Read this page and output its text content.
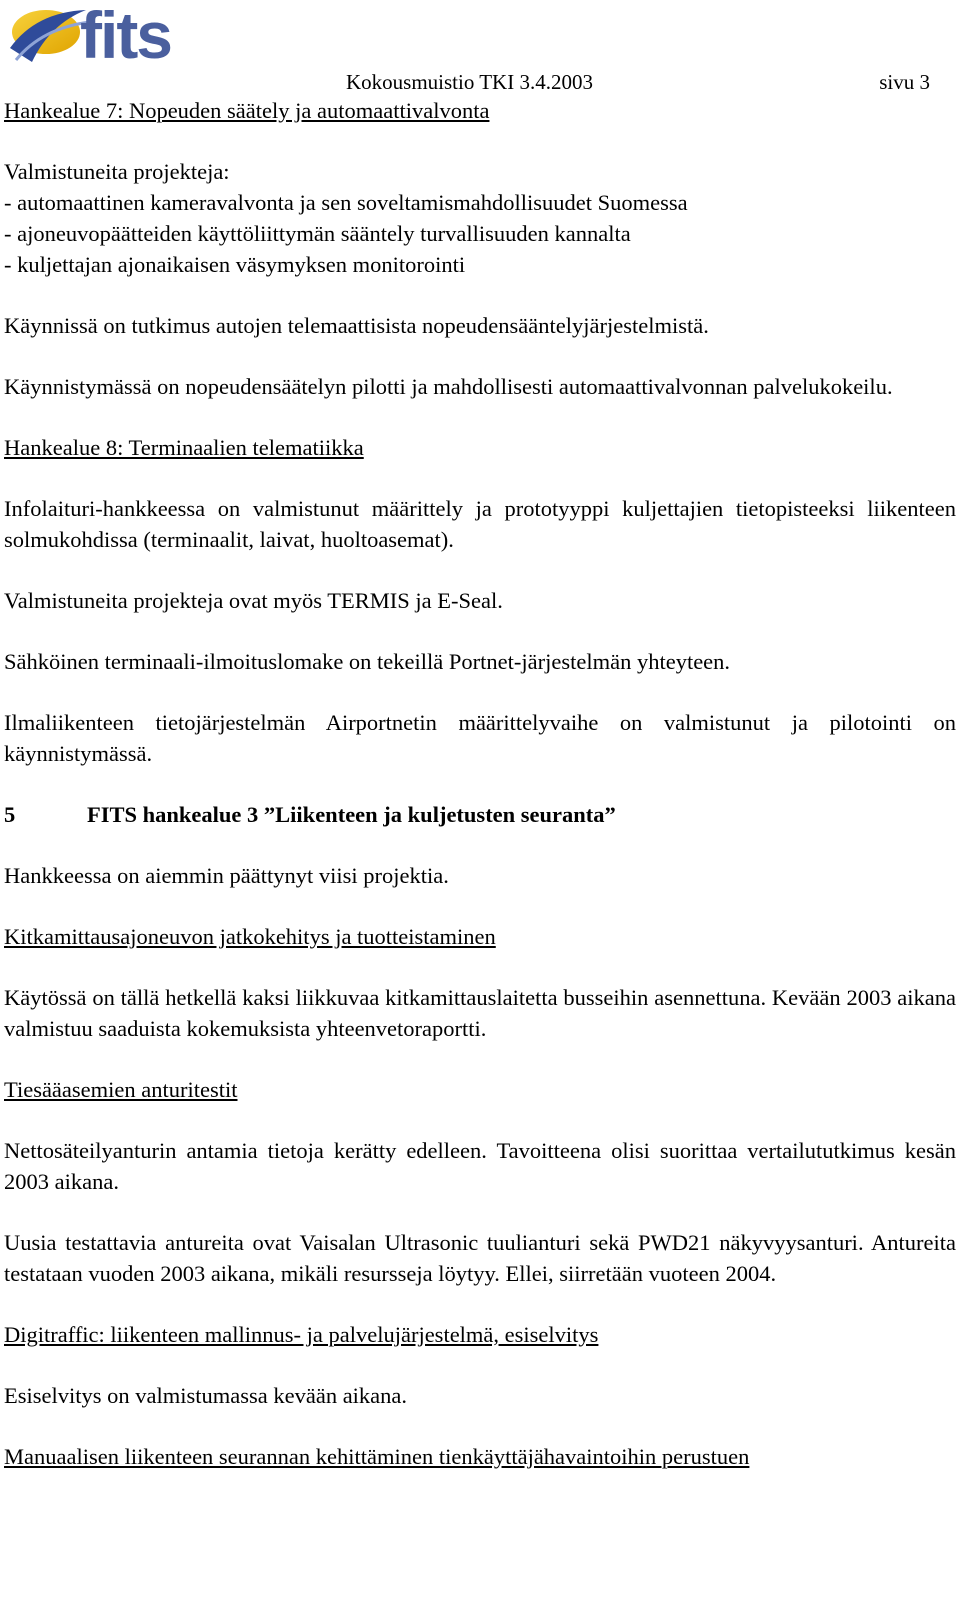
fits
Kokousmuistio TKI 3.4.2003	sivu 3

Hankealue 7: Nopeuden säätely ja automaattivalvonta

Valmistuneita projekteja:

- automaattinen kameravalvonta ja sen soveltamismahdollisuudet Suomessa

- ajoneuvopäätteiden käyttöliittymän sääntely turvallisuuden kannalta

- kuljettajan ajonaikaisen väsymyksen monitorointi

Käynnissä on tutkimus autojen telemaattisista nopeudensääntelyjärjestelmistä.

Käynnistymässä on nopeudensäätelyn pilotti ja mahdollisesti automaattivalvonnan palvelukokeilu.

Hankealue 8: Terminaalien telematiikka

Infolaituri-hankkeessa on valmistunut määrittely ja prototyyppi kuljettajien tietopisteeksi liikenteen solmukohdissa (terminaalit, laivat, huoltoasemat).

Valmistuneita projekteja ovat myös TERMIS ja E-Seal.

Sähköinen terminaali-ilmoituslomake on tekeillä Portnet-järjestelmän yhteyteen.

Ilmaliikenteen tietojärjestelmän Airportnetin määrittelyvaihe on valmistunut ja pilotointi on käynnistymässä.

5	FITS hankealue 3 ”Liikenteen ja kuljetusten seuranta”

Hankkeessa on aiemmin päättynyt viisi projektia.

Kitkamittausajoneuvon jatkokehitys ja tuotteistaminen

Käytössä on tällä hetkellä kaksi liikkuvaa kitkamittauslaitetta busseihin asennettuna. Kevään 2003 aikana valmistuu saaduista kokemuksista yhteenvetoraportti.

Tiesääasemien anturitestit

Nettosäteilyanturin antamia tietoja kerätty edelleen. Tavoitteena olisi suorittaa vertailututkimus kesän 2003 aikana.

Uusia testattavia antureita ovat Vaisalan Ultrasonic tuulianturi sekä PWD21 näkyvyysanturi. Antureita testataan vuoden 2003 aikana, mikäli resursseja löytyy. Ellei, siirretään vuoteen 2004.

Digitraffic: liikenteen mallinnus- ja palvelujärjestelmä, esiselvitys

Esiselvitys on valmistumassa kevään aikana.

Manuaalisen liikenteen seurannan kehittäminen tienkäyttäjähavaintoihin perustuen
